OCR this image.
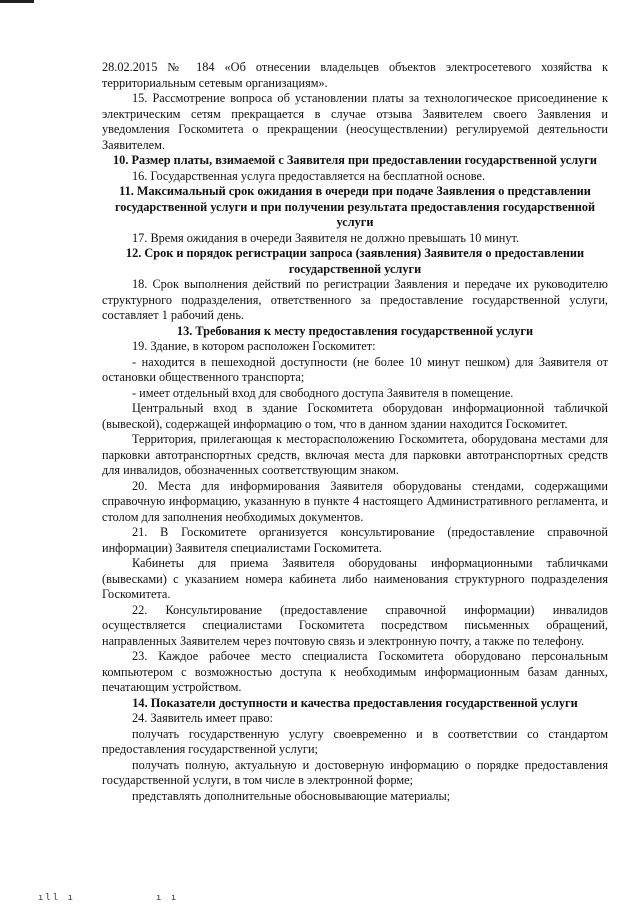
28.02.2015 № 184 «Об отнесении владельцев объектов электросетевого хозяйства к территориальным сетевым организациям».

15. Рассмотрение вопроса об установлении платы за технологическое присоединение к электрическим сетям прекращается в случае отзыва Заявителем своего Заявления и уведомления Госкомитета о прекращении (неосуществлении) регулируемой деятельности Заявителем.

10. Размер платы, взимаемой с Заявителя при предоставлении государственной услуги

16. Государственная услуга предоставляется на бесплатной основе.

11. Максимальный срок ожидания в очереди при подаче Заявления о представлении государственной услуги и при получении результата предоставления государственной услуги

17. Время ожидания в очереди Заявителя не должно превышать 10 минут.

12. Срок и порядок регистрации запроса (заявления) Заявителя о предоставлении государственной услуги

18. Срок выполнения действий по регистрации Заявления и передаче их руководителю структурного подразделения, ответственного за предоставление государственной услуги, составляет 1 рабочий день.

13. Требования к месту предоставления государственной услуги

19. Здание, в котором расположен Госкомитет:

- находится в пешеходной доступности (не более 10 минут пешком) для Заявителя от остановки общественного транспорта;

- имеет отдельный вход для свободного доступа Заявителя в помещение.

Центральный вход в здание Госкомитета оборудован информационной табличкой (вывеской), содержащей информацию о том, что в данном здании находится Госкомитет.

Территория, прилегающая к месторасположению Госкомитета, оборудована местами для парковки автотранспортных средств, включая места для парковки автотранспортных средств для инвалидов, обозначенных соответствующим знаком.

20. Места для информирования Заявителя оборудованы стендами, содержащими справочную информацию, указанную в пункте 4 настоящего Административного регламента, и столом для заполнения необходимых документов.

21. В Госкомитете организуется консультирование (предоставление справочной информации) Заявителя специалистами Госкомитета.

Кабинеты для приема Заявителя оборудованы информационными табличками (вывесками) с указанием номера кабинета либо наименования структурного подразделения Госкомитета.

22. Консультирование (предоставление справочной информации) инвалидов осуществляется специалистами Госкомитета посредством письменных обращений, направленных Заявителем через почтовую связь и электронную почту, а также по телефону.

23. Каждое рабочее место специалиста Госкомитета оборудовано персональным компьютером с возможностью доступа к необходимым информационным базам данных, печатающим устройством.

14. Показатели доступности и качества предоставления государственной услуги

24. Заявитель имеет право:

получать государственную услугу своевременно и в соответствии со стандартом предоставления государственной услуги;

получать полную, актуальную и достоверную информацию о порядке предоставления государственной услуги, в том числе в электронной форме;

представлять дополнительные обосновывающие материалы;

ıll ı	ı ı
